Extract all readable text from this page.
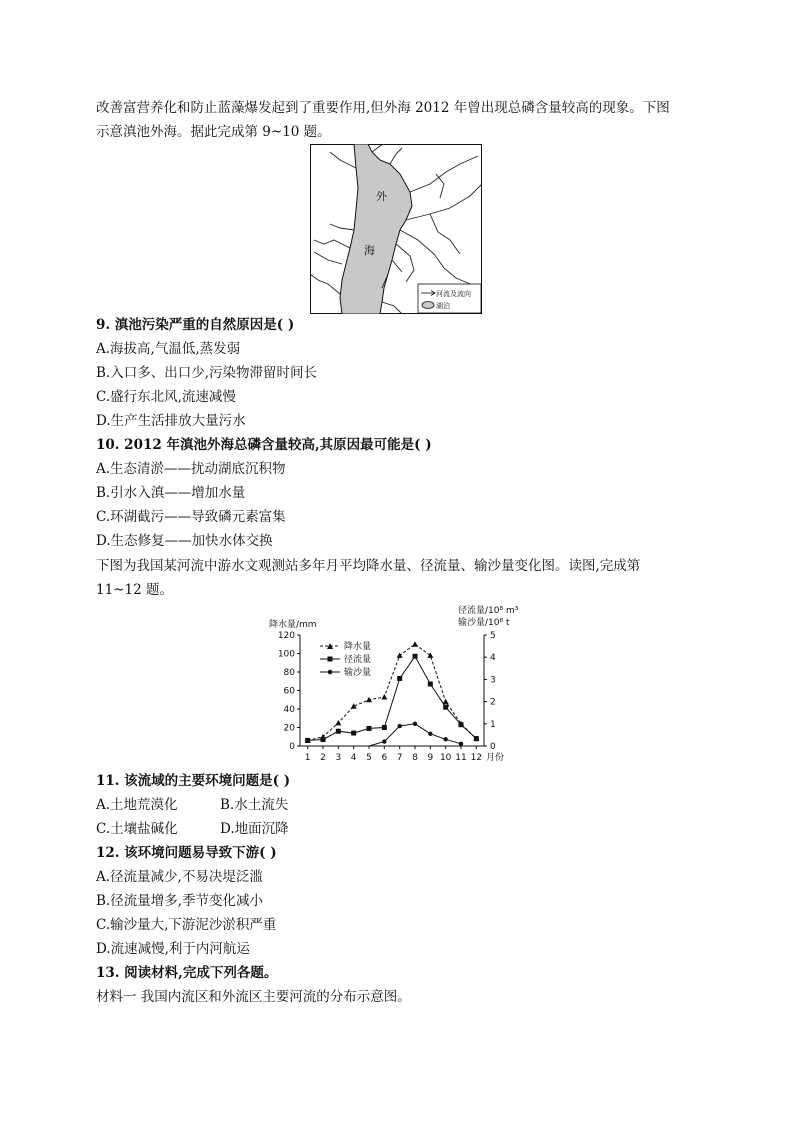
改善富营养化和防止蓝藻爆发起到了重要作用,但外海 2012 年曾出现总磷含量较高的现象。下图
示意滇池外海。据此完成第 9~10 题。
外
海
河流及流向
湖泊
9. 滇池污染严重的自然原因是( )
A.海拔高,气温低,蒸发弱
B.入口多、出口少,污染物滞留时间长
C.盛行东北风,流速减慢
D.生产生活排放大量污水
10. 2012 年滇池外海总磷含量较高,其原因最可能是( )
A.生态清淤——扰动湖底沉积物
B.引水入滇——增加水量
C.环湖截污——导致磷元素富集
D.生态修复——加快水体交换
下图为我国某河流中游水文观测站多年月平均降水量、径流量、输沙量变化图。读图,完成第
11~12 题。
降水量/mm
径流量/10⁸ m³
输沙量/10⁸ t
月份
降水量
径流量
输沙量
0
20
40
60
80
100
120
0
1
2
3
4
5
1 2 3 4 5 6 7 8 9 10 11 12
11. 该流域的主要环境问题是( )
A.土地荒漠化	B.水土流失
C.土壤盐碱化	D.地面沉降
12. 该环境问题易导致下游( )
A.径流量减少,不易决堤泛滥
B.径流量增多,季节变化减小
C.输沙量大,下游泥沙淤积严重
D.流速减慢,利于内河航运
13. 阅读材料,完成下列各题。
材料一 我国内流区和外流区主要河流的分布示意图。
